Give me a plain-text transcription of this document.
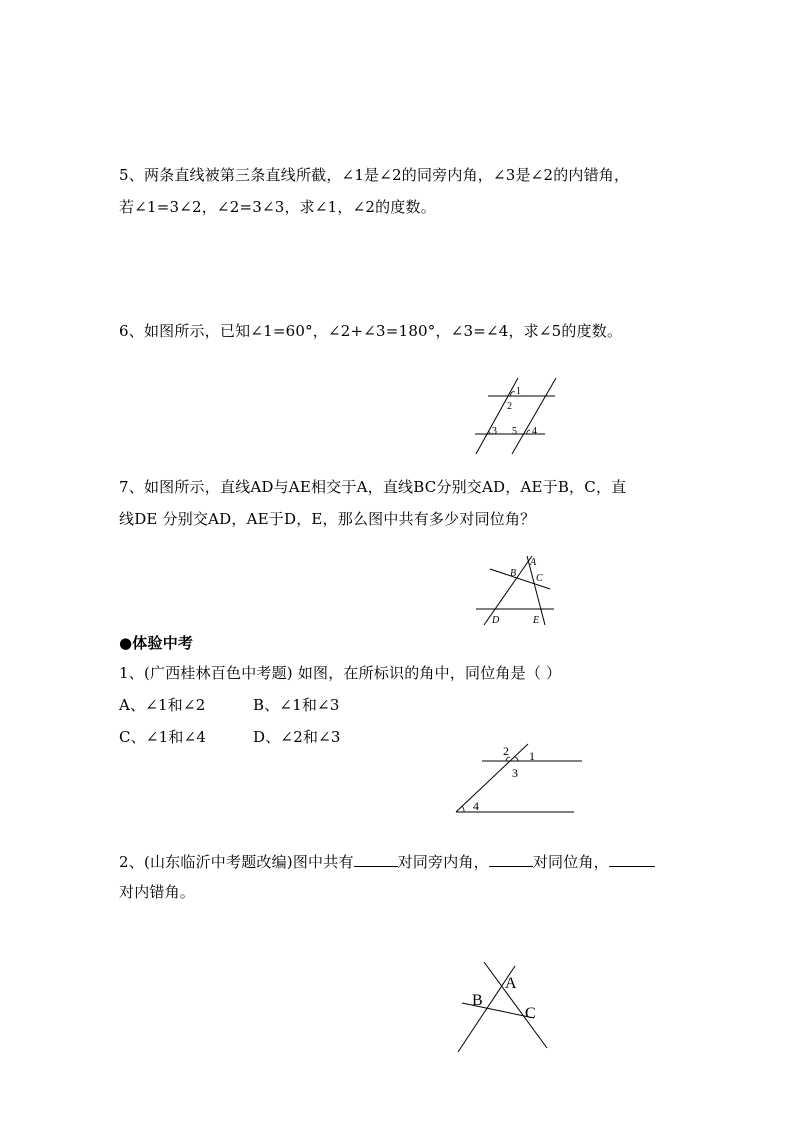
5、两条直线被第三条直线所截，∠1是∠2的同旁内角，∠3是∠2的内错角，
若∠1=3∠2，∠2=3∠3，求∠1，∠2的度数。
6、如图所示，已知∠1=60°，∠2+∠3=180°，∠3=∠4，求∠5的度数。
1
2
3 5 4
7、如图所示，直线AD与AE相交于A，直线BC分别交AD，AE于B，C，直
线DE 分别交AD，AE于D，E，那么图中共有多少对同位角？
B
A
C
D	E
●体验中考
1、(广西桂林百色中考题) 如图，在所标识的角中，同位角是（ ）
A、∠1和∠2	B、∠1和∠3
C、∠1和∠4	D、∠2和∠3
2 1
3
4
2、(山东临沂中考题改编)图中共有	对同旁内角，	对同位角，
对内错角。
A
B
C
